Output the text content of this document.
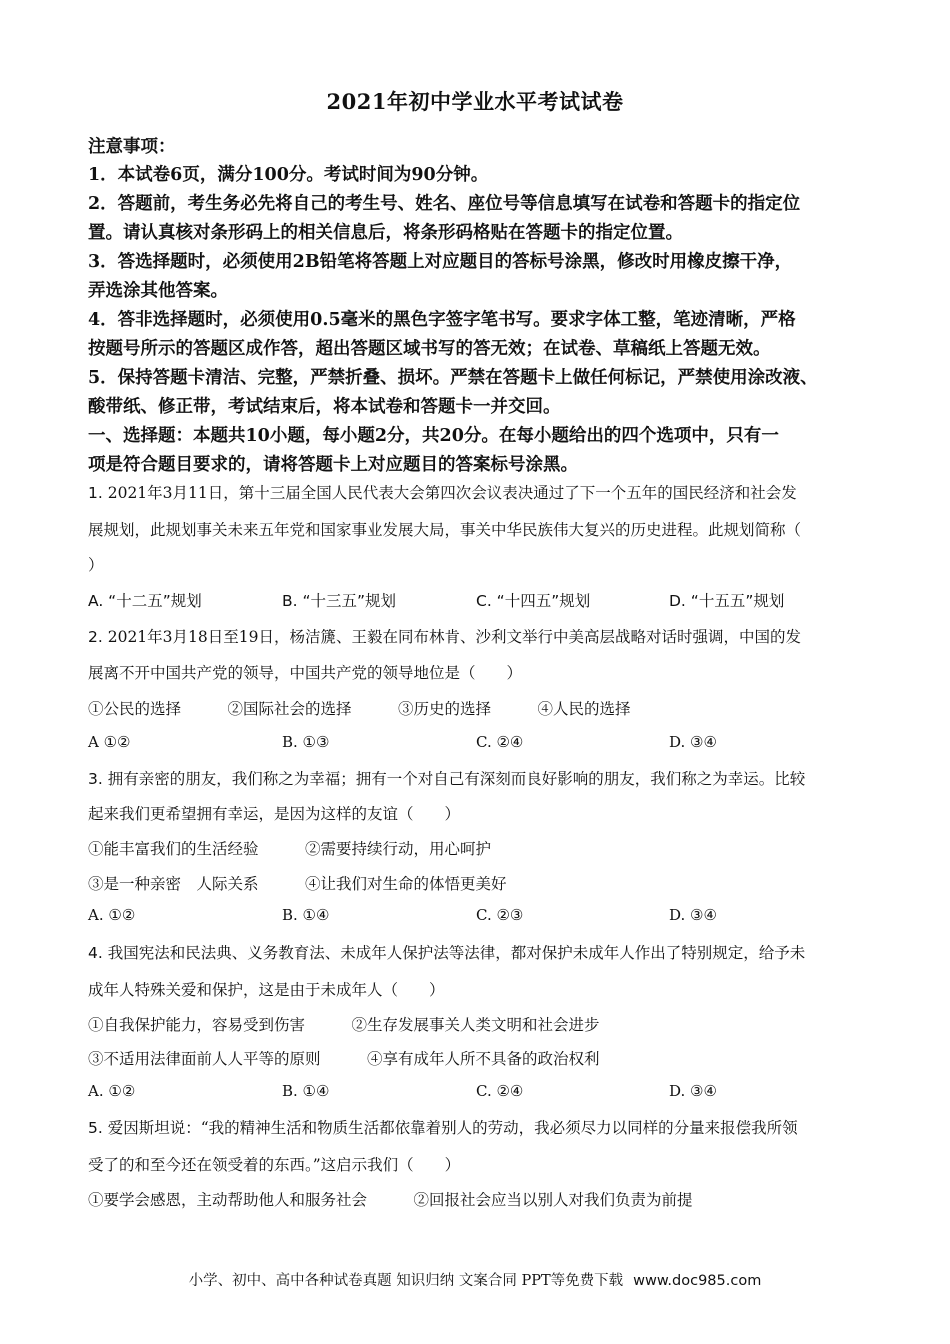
2021年初中学业水平考试试卷
注意事项：
1．本试卷6页，满分100分。考试时间为90分钟。
2．答题前，考生务必先将自己的考生号、姓名、座位号等信息填写在试卷和答题卡的指定位
置。请认真核对条形码上的相关信息后，将条形码格贴在答题卡的指定位置。
3．答选择题时，必须使用2B铅笔将答题上对应题目的答标号涂黑，修改时用橡皮擦干净，
弄选涂其他答案。
4．答非选择题时，必须使用0.5毫米的黑色字签字笔书写。要求字体工整，笔迹清晰，严格
按题号所示的答题区成作答，超出答题区域书写的答无效；在试卷、草稿纸上答题无效。
5．保持答题卡清洁、完整，严禁折叠、损坏。严禁在答题卡上做任何标记，严禁使用涂改液、
酸带纸、修正带，考试结束后，将本试卷和答题卡一并交回。
一、选择题：本题共10小题，每小题2分，共20分。在每小题给出的四个选项中，只有一
项是符合题目要求的，请将答题卡上对应题目的答案标号涂黑。
1. 2021年3月11日，第十三届全国人民代表大会第四次会议表决通过了下一个五年的国民经济和社会发
展规划，此规划事关未来五年党和国家事业发展大局，事关中华民族伟大复兴的历史进程。此规划简称（
）
A. “十二五”规划	B. “十三五”规划	C. “十四五”规划	D. “十五五”规划
2. 2021年3月18日至19日，杨洁篪、王毅在同布林肯、沙利文举行中美高层战略对话时强调，中国的发
展离不开中国共产党的领导，中国共产党的领导地位是（　　）
①公民的选择　　　②国际社会的选择　　　③历史的选择　　　④人民的选择
A ①②	B. ①③	C. ②④	D. ③④
3. 拥有亲密的朋友，我们称之为幸福；拥有一个对自己有深刻而良好影响的朋友，我们称之为幸运。比较
起来我们更希望拥有幸运，是因为这样的友谊（　　）
①能丰富我们的生活经验　　　②需要持续行动，用心呵护
③是一种亲密　人际关系　　　④让我们对生命的体悟更美好
A. ①②	B. ①④	C. ②③	D. ③④
4. 我国宪法和民法典、义务教育法、未成年人保护法等法律，都对保护未成年人作出了特别规定，给予未
成年人特殊关爱和保护，这是由于未成年人（　　）
①自我保护能力，容易受到伤害　　　②生存发展事关人类文明和社会进步
③不适用法律面前人人平等的原则　　　④享有成年人所不具备的政治权利
A. ①②	B. ①④	C. ②④	D. ③④
5. 爱因斯坦说：“我的精神生活和物质生活都依靠着别人的劳动，我必须尽力以同样的分量来报偿我所领
受了的和至今还在领受着的东西。”这启示我们（　　）
①要学会感恩，主动帮助他人和服务社会　　　②回报社会应当以别人对我们负责为前提
小学、初中、高中各种试卷真题 知识归纳 文案合同 PPT等免费下载 www.doc985.com
